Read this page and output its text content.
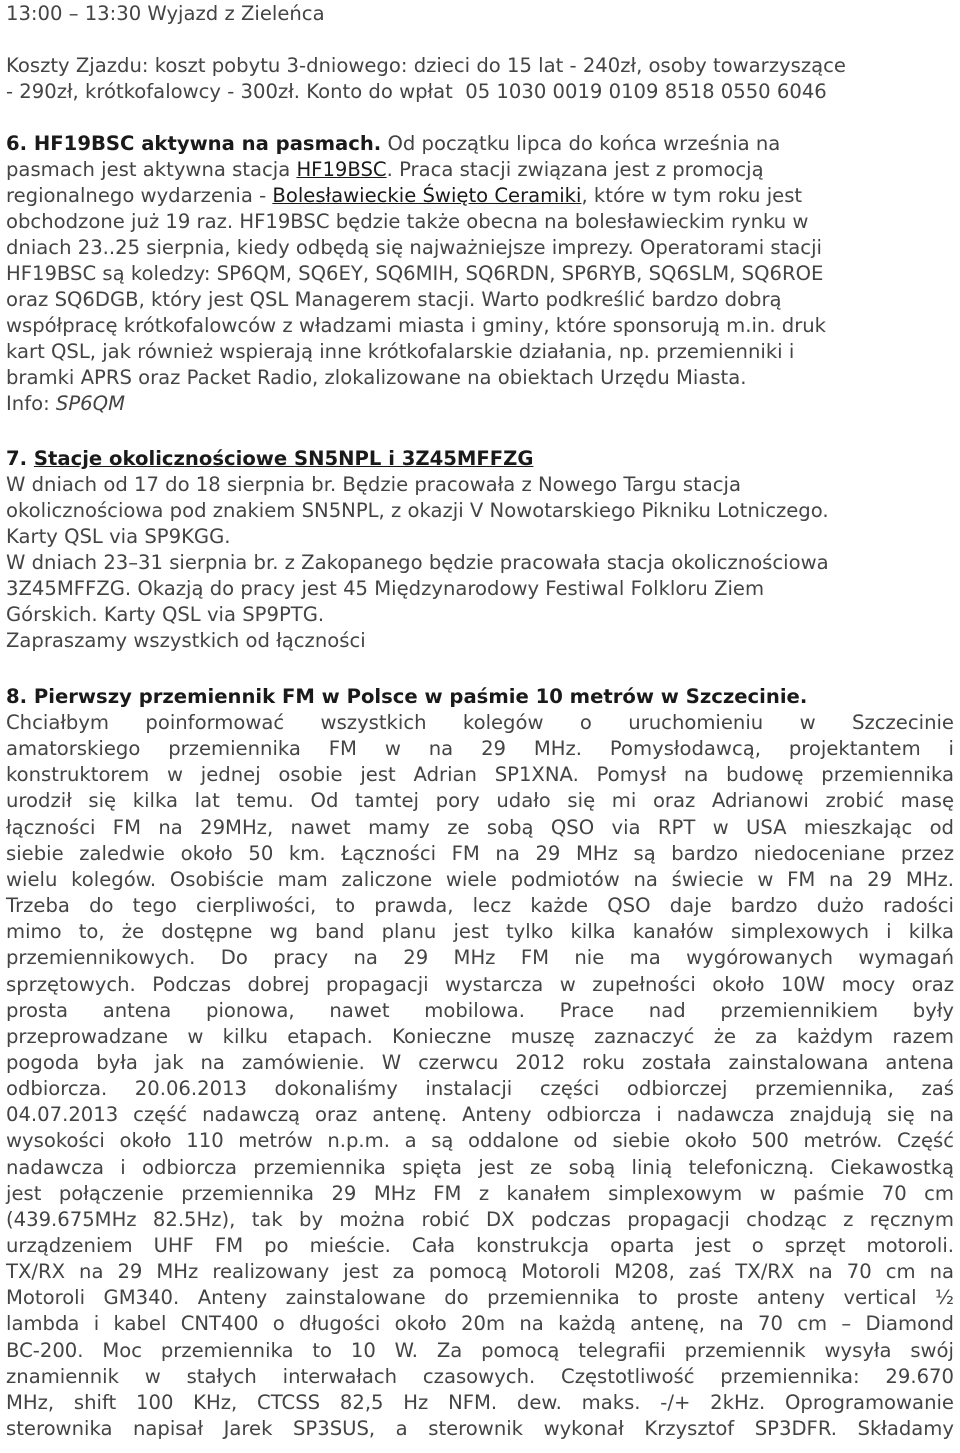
13:00 – 13:30 Wyjazd z Zieleńca
Koszty Zjazdu: koszt pobytu 3-dniowego: dzieci do 15 lat - 240zł, osoby towarzyszące
- 290zł, krótkofalowcy - 300zł. Konto do wpłat  05 1030 0019 0109 8518 0550 6046
6. HF19BSC aktywna na pasmach. Od początku lipca do końca września na
pasmach jest aktywna stacja HF19BSC. Praca stacji związana jest z promocją
regionalnego wydarzenia - Bolesławieckie Święto Ceramiki, które w tym roku jest
obchodzone już 19 raz. HF19BSC będzie także obecna na bolesławieckim rynku w
dniach 23..25 sierpnia, kiedy odbędą się najważniejsze imprezy. Operatorami stacji
HF19BSC są koledzy: SP6QM, SQ6EY, SQ6MIH, SQ6RDN, SP6RYB, SQ6SLM, SQ6ROE
oraz SQ6DGB, który jest QSL Managerem stacji. Warto podkreślić bardzo dobrą
współpracę krótkofalowców z władzami miasta i gminy, które sponsorują m.in. druk
kart QSL, jak również wspierają inne krótkofalarskie działania, np. przemienniki i
bramki APRS oraz Packet Radio, zlokalizowane na obiektach Urzędu Miasta.
Info: SP6QM
7. Stacje okolicznościowe SN5NPL i 3Z45MFFZG
W dniach od 17 do 18 sierpnia br. Będzie pracowała z Nowego Targu stacja
okolicznościowa pod znakiem SN5NPL, z okazji V Nowotarskiego Pikniku Lotniczego.
Karty QSL via SP9KGG.
W dniach 23–31 sierpnia br. z Zakopanego będzie pracowała stacja okolicznościowa
3Z45MFFZG. Okazją do pracy jest 45 Międzynarodowy Festiwal Folkloru Ziem
Górskich. Karty QSL via SP9PTG.
Zapraszamy wszystkich od łączności
8. Pierwszy przemiennik FM w Polsce w paśmie 10 metrów w Szczecinie.
Chciałbym poinformować wszystkich kolegów o uruchomieniu w Szczecinie
amatorskiego przemiennika FM w na 29 MHz. Pomysłodawcą, projektantem i
konstruktorem w jednej osobie jest Adrian SP1XNA. Pomysł na budowę przemiennika
urodził się kilka lat temu. Od tamtej pory udało się mi oraz Adrianowi zrobić masę
łączności FM na 29MHz, nawet mamy ze sobą QSO via RPT w USA mieszkając od
siebie zaledwie około 50 km. Łączności FM na 29 MHz są bardzo niedoceniane przez
wielu kolegów. Osobiście mam zaliczone wiele podmiotów na świecie w FM na 29 MHz.
Trzeba do tego cierpliwości, to prawda, lecz każde QSO daje bardzo dużo radości
mimo to, że dostępne wg band planu jest tylko kilka kanałów simplexowych i kilka
przemiennikowych. Do pracy na 29 MHz FM nie ma wygórowanych wymagań
sprzętowych. Podczas dobrej propagacji wystarcza w zupełności około 10W mocy oraz
prosta antena pionowa, nawet mobilowa. Prace nad przemiennikiem były
przeprowadzane w kilku etapach. Konieczne muszę zaznaczyć że za każdym razem
pogoda była jak na zamówienie. W czerwcu 2012 roku została zainstalowana antena
odbiorcza. 20.06.2013 dokonaliśmy instalacji części odbiorczej przemiennika, zaś
04.07.2013 część nadawczą oraz antenę. Anteny odbiorcza i nadawcza znajdują się na
wysokości około 110 metrów n.p.m. a są oddalone od siebie około 500 metrów. Część
nadawcza i odbiorcza przemiennika spięta jest ze sobą linią telefoniczną. Ciekawostką
jest połączenie przemiennika 29 MHz FM z kanałem simplexowym w paśmie 70 cm
(439.675MHz 82.5Hz), tak by można robić DX podczas propagacji chodząc z ręcznym
urządzeniem UHF FM po mieście. Cała konstrukcja oparta jest o sprzęt motoroli.
TX/RX na 29 MHz realizowany jest za pomocą Motoroli M208, zaś TX/RX na 70 cm na
Motoroli GM340. Anteny zainstalowane do przemiennika to proste anteny vertical ½
lambda i kabel CNT400 o długości około 20m na każdą antenę, na 70 cm – Diamond
BC-200. Moc przemiennika to 10 W. Za pomocą telegrafii przemiennik wysyła swój
znamiennik w stałych interwałach czasowych. Częstotliwość przemiennika: 29.670
MHz, shift 100 KHz, CTCSS 82,5 Hz NFM. dew. maks. -/+ 2kHz. Oprogramowanie
sterownika napisał Jarek SP3SUS, a sterownik wykonał Krzysztof SP3DFR. Składamy
